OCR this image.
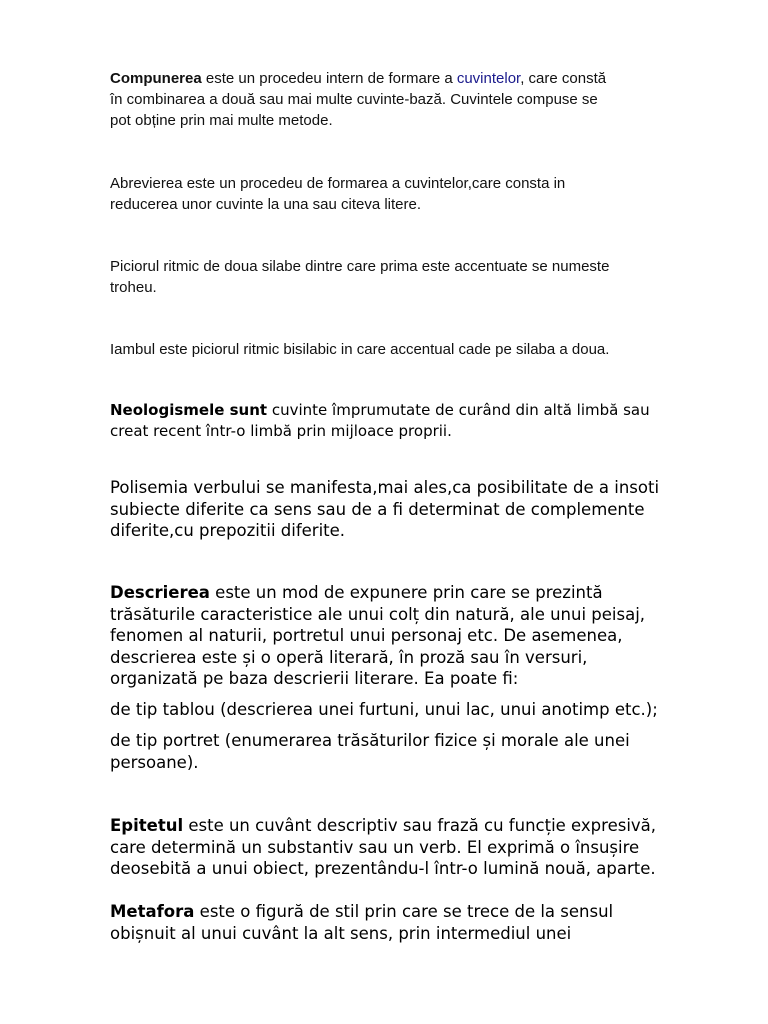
Compunerea este un procedeu intern de formare a cuvintelor, care constă
în combinarea a două sau mai multe cuvinte-bază. Cuvintele compuse se
pot obține prin mai multe metode.
Abrevierea este un procedeu de formarea a cuvintelor,care consta in
reducerea unor cuvinte la una sau citeva litere.
Piciorul ritmic de doua silabe dintre care prima este accentuate se numeste
troheu.
Iambul este piciorul ritmic bisilabic in care accentual cade pe silaba a doua.
Neologismele sunt cuvinte împrumutate de curând din altă limbă sau
creat recent într-o limbă prin mijloace proprii.
Polisemia verbului se manifesta,mai ales,ca posibilitate de a insoti
subiecte diferite ca sens sau de a fi determinat de complemente
diferite,cu prepozitii diferite.
Descrierea este un mod de expunere prin care se prezintă
trăsăturile caracteristice ale unui colț din natură, ale unui peisaj,
fenomen al naturii, portretul unui personaj etc. De asemenea,
descrierea este și o operă literară, în proză sau în versuri,
organizată pe baza descrierii literare. Ea poate fi:
de tip tablou (descrierea unei furtuni, unui lac, unui anotimp etc.);
de tip portret (enumerarea trăsăturilor fizice și morale ale unei
persoane).
Epitetul este un cuvânt descriptiv sau frază cu funcție expresivă,
care determină un substantiv sau un verb. El exprimă o însușire
deosebită a unui obiect, prezentându-l într-o lumină nouă, aparte.
Metafora este o figură de stil prin care se trece de la sensul
obișnuit al unui cuvânt la alt sens, prin intermediul unei
